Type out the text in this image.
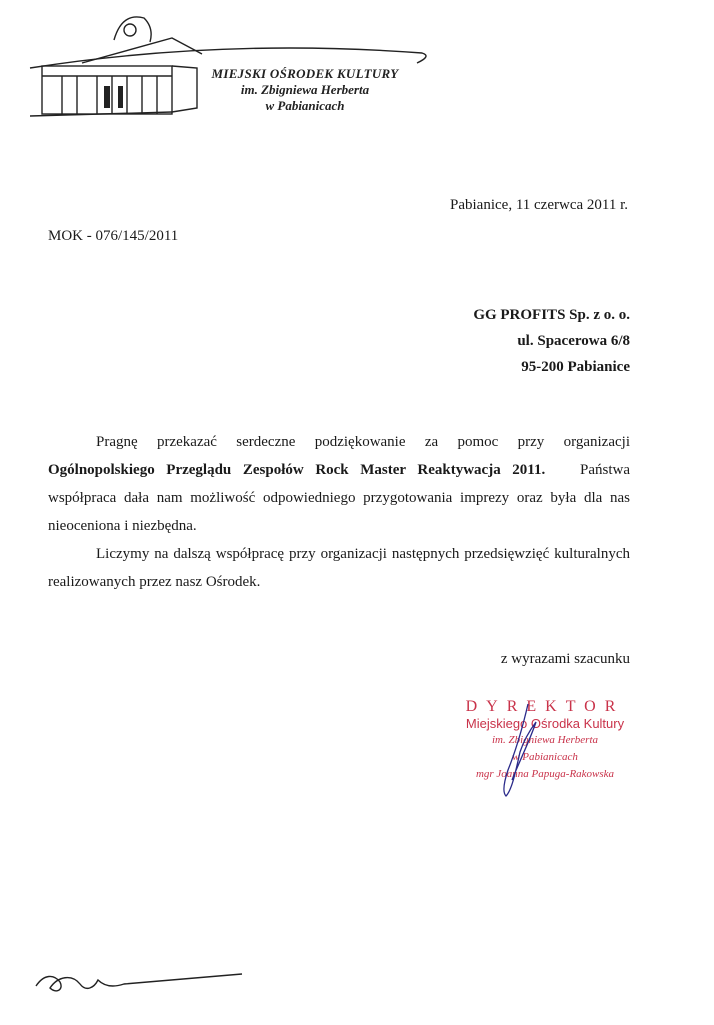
MIEJSKI OŚRODEK KULTURY
im. Zbigniewa Herberta
w Pabianicach
Pabianice, 11 czerwca 2011 r.
MOK - 076/145/2011
GG PROFITS Sp. z o. o.
ul. Spacerowa 6/8
95-200 Pabianice

Pragnę przekazać serdeczne podziękowanie za pomoc przy organizacji Ogólnopolskiego Przeglądu Zespołów Rock Master Reaktywacja 2011. Państwa współpraca dała nam możliwość odpowiedniego przygotowania imprezy oraz była dla nas nieoceniona i niezbędna.

Liczymy na dalszą współpracę przy organizacji następnych przedsięwzięć kulturalnych realizowanych przez nasz Ośrodek.

z wyrazami szacunku
DYREKTOR
Miejskiego Ośrodka Kultury
im. Zbigniewa Herberta
w Pabianicach
mgr Joanna Papuga-Rakowska
